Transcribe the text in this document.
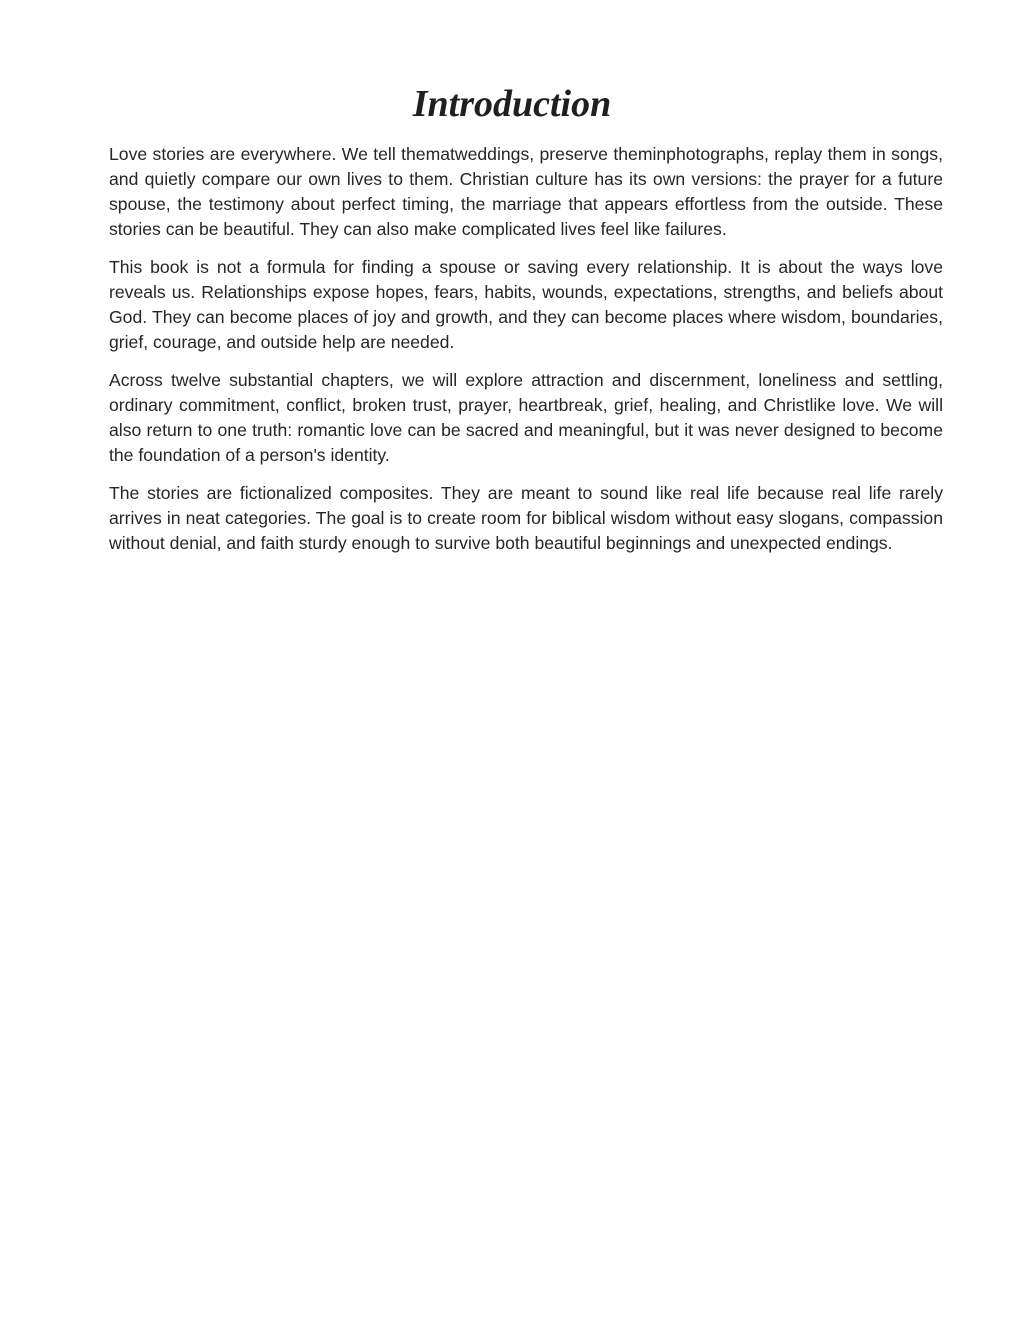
Introduction

Love stories are everywhere. We tell thematweddings, preserve theminphotographs, replay them in songs, and quietly compare our own lives to them. Christian culture has its own versions: the prayer for a future spouse, the testimony about perfect timing, the marriage that appears effortless from the outside. These stories can be beautiful. They can also make complicated lives feel like failures.

This book is not a formula for finding a spouse or saving every relationship. It is about the ways love reveals us. Relationships expose hopes, fears, habits, wounds, expectations, strengths, and beliefs about God. They can become places of joy and growth, and they can become places where wisdom, boundaries, grief, courage, and outside help are needed.

Across twelve substantial chapters, we will explore attraction and discernment, loneliness and settling, ordinary commitment, conflict, broken trust, prayer, heartbreak, grief, healing, and Christlike love. We will also return to one truth: romantic love can be sacred and meaningful, but it was never designed to become the foundation of a person's identity.

The stories are fictionalized composites. They are meant to sound like real life because real life rarely arrives in neat categories. The goal is to create room for biblical wisdom without easy slogans, compassion without denial, and faith sturdy enough to survive both beautiful beginnings and unexpected endings.
